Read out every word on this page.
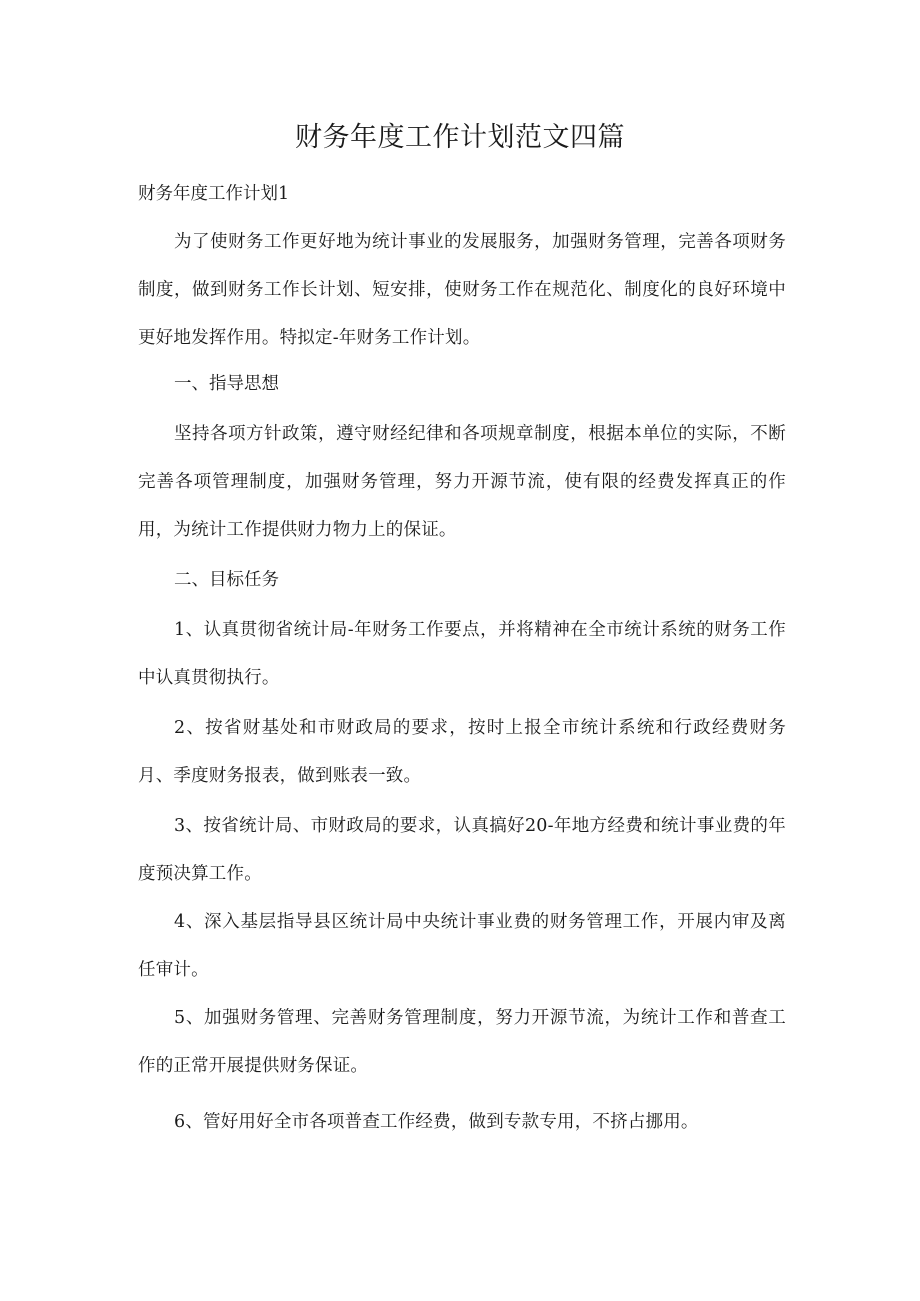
财务年度工作计划范文四篇

财务年度工作计划1

为了使财务工作更好地为统计事业的发展服务，加强财务管理，完善各项财务制度，做到财务工作长计划、短安排，使财务工作在规范化、制度化的良好环境中更好地发挥作用。特拟定-年财务工作计划。

一、指导思想

坚持各项方针政策，遵守财经纪律和各项规章制度，根据本单位的实际，不断完善各项管理制度，加强财务管理，努力开源节流，使有限的经费发挥真正的作用，为统计工作提供财力物力上的保证。

二、目标任务

1、认真贯彻省统计局-年财务工作要点，并将精神在全市统计系统的财务工作中认真贯彻执行。

2、按省财基处和市财政局的要求，按时上报全市统计系统和行政经费财务月、季度财务报表，做到账表一致。

3、按省统计局、市财政局的要求，认真搞好20-年地方经费和统计事业费的年度预决算工作。

4、深入基层指导县区统计局中央统计事业费的财务管理工作，开展内审及离任审计。

5、加强财务管理、完善财务管理制度，努力开源节流，为统计工作和普查工作的正常开展提供财务保证。

6、管好用好全市各项普查工作经费，做到专款专用，不挤占挪用。
